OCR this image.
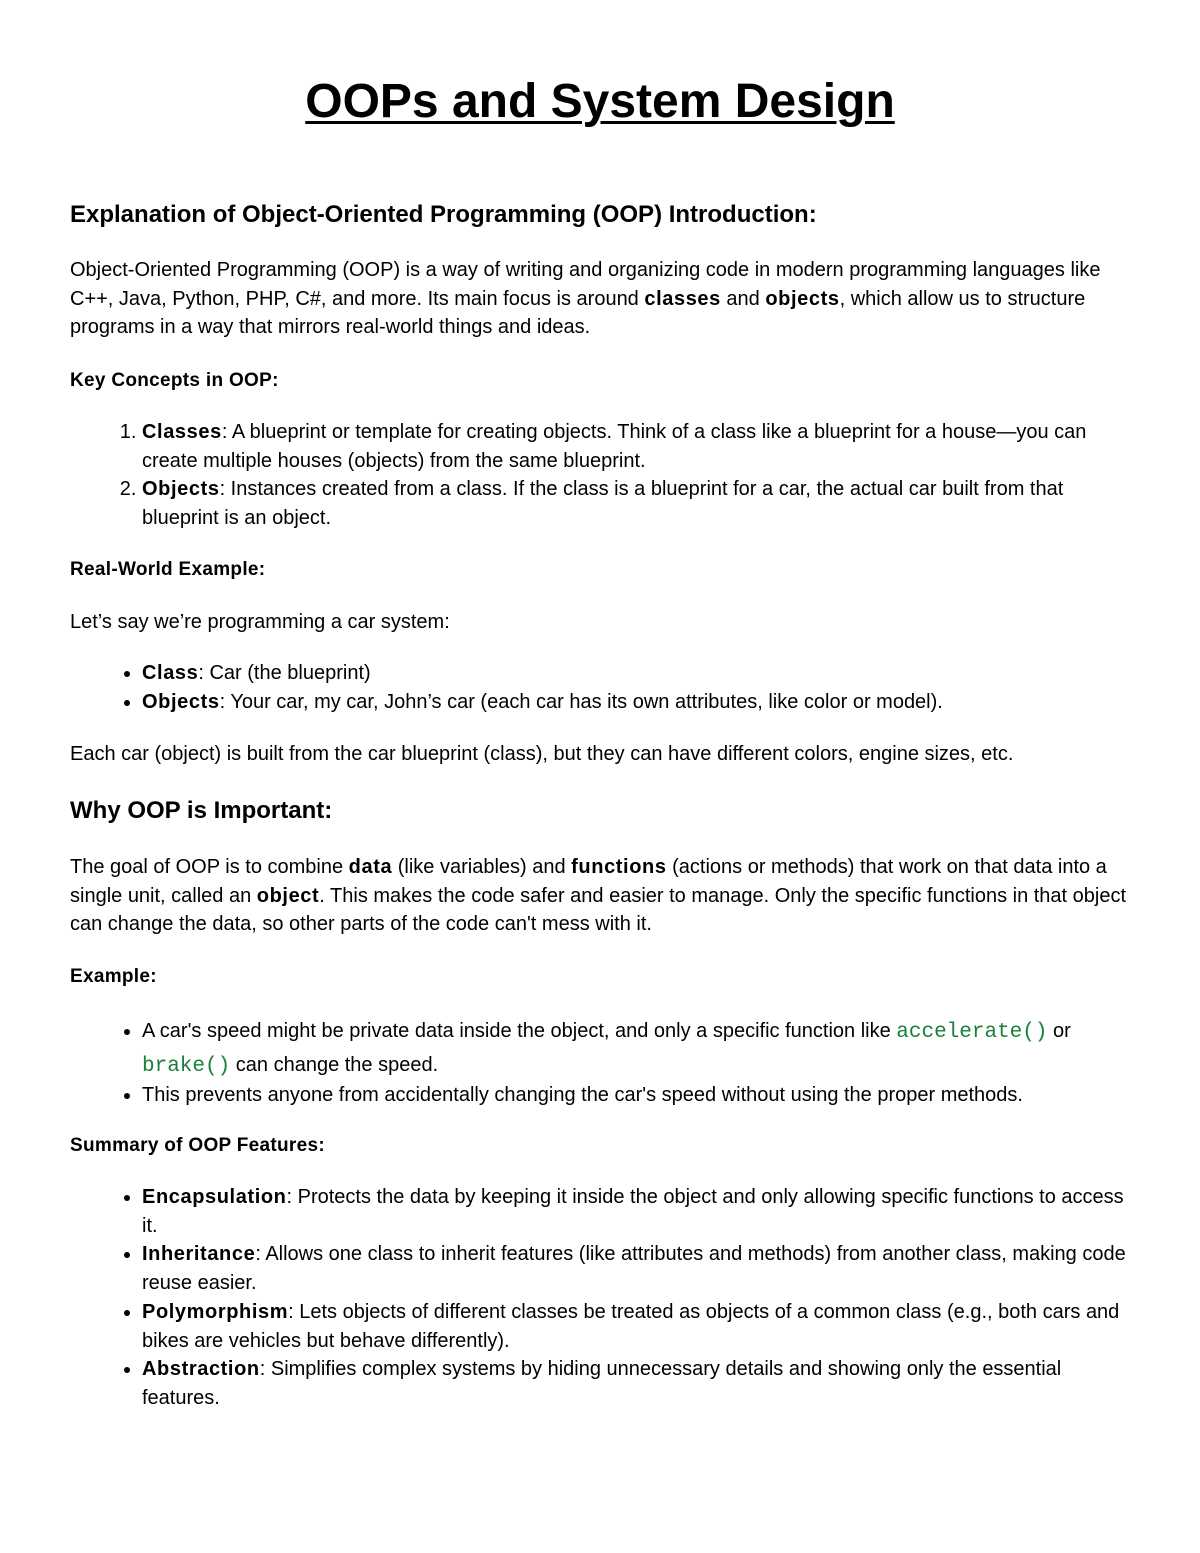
OOPs and System Design
Explanation of Object-Oriented Programming (OOP) Introduction:

Object-Oriented Programming (OOP) is a way of writing and organizing code in modern programming languages like C++, Java, Python, PHP, C#, and more. Its main focus is around classes and objects, which allow us to structure programs in a way that mirrors real-world things and ideas.

Key Concepts in OOP:

1. Classes: A blueprint or template for creating objects. Think of a class like a blueprint for a house—you can create multiple houses (objects) from the same blueprint.
2. Objects: Instances created from a class. If the class is a blueprint for a car, the actual car built from that blueprint is an object.

Real-World Example:

Let’s say we’re programming a car system:

• Class: Car (the blueprint)
• Objects: Your car, my car, John’s car (each car has its own attributes, like color or model).

Each car (object) is built from the car blueprint (class), but they can have different colors, engine sizes, etc.

Why OOP is Important:

The goal of OOP is to combine data (like variables) and functions (actions or methods) that work on that data into a single unit, called an object. This makes the code safer and easier to manage. Only the specific functions in that object can change the data, so other parts of the code can't mess with it.

Example:

• A car's speed might be private data inside the object, and only a specific function like accelerate() or brake() can change the speed.
• This prevents anyone from accidentally changing the car's speed without using the proper methods.

Summary of OOP Features:

• Encapsulation: Protects the data by keeping it inside the object and only allowing specific functions to access it.
• Inheritance: Allows one class to inherit features (like attributes and methods) from another class, making code reuse easier.
• Polymorphism: Lets objects of different classes be treated as objects of a common class (e.g., both cars and bikes are vehicles but behave differently).
• Abstraction: Simplifies complex systems by hiding unnecessary details and showing only the essential features.
